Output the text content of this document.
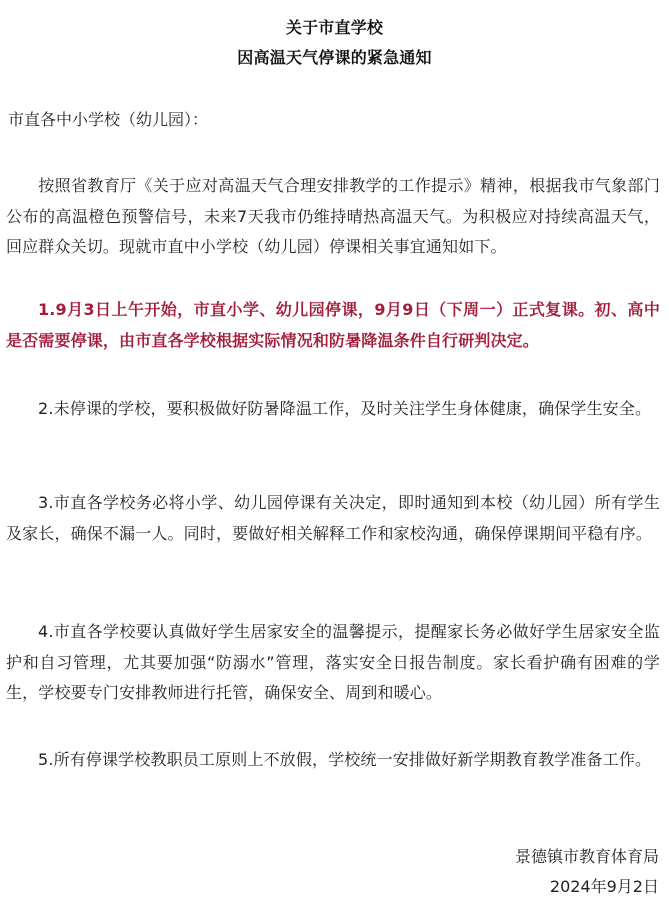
关于市直学校
因高温天气停课的紧急通知
市直各中小学校（幼儿园）：
按照省教育厅《关于应对高温天气合理安排教学的工作提示》精神，根据我市气象部门公布的高温橙色预警信号，未来7天我市仍维持晴热高温天气。为积极应对持续高温天气，回应群众关切。现就市直中小学校（幼儿园）停课相关事宜通知如下。
1.9月3日上午开始，市直小学、幼儿园停课，9月9日（下周一）正式复课。初、高中是否需要停课，由市直各学校根据实际情况和防暑降温条件自行研判决定。
2.未停课的学校，要积极做好防暑降温工作，及时关注学生身体健康，确保学生安全。
3.市直各学校务必将小学、幼儿园停课有关决定，即时通知到本校（幼儿园）所有学生及家长，确保不漏一人。同时，要做好相关解释工作和家校沟通，确保停课期间平稳有序。
4.市直各学校要认真做好学生居家安全的温馨提示，提醒家长务必做好学生居家安全监护和自习管理，尤其要加强“防溺水”管理，落实安全日报告制度。家长看护确有困难的学生，学校要专门安排教师进行托管，确保安全、周到和暖心。
5.所有停课学校教职员工原则上不放假，学校统一安排做好新学期教育教学准备工作。
景德镇市教育体育局
2024年9月2日
